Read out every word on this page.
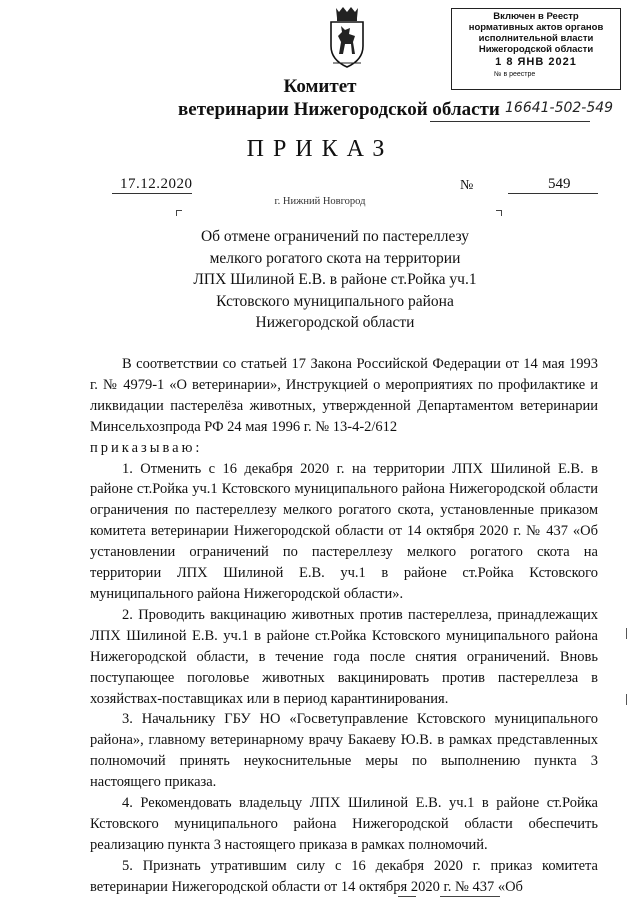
Включен в Реестр
нормативных актов органов
исполнительной власти
Нижегородской области
1 8 ЯНВ 2021
№ в реестре
16641-502-549
Комитет
ветеринарии Нижегородской области
ПРИКАЗ
17.12.2020	№	549
г. Нижний Новгород
Об отмене ограничений по пастереллезу
мелкого рогатого скота на территории
ЛПХ Шилиной Е.В. в районе ст.Ройка уч.1
Кстовского муниципального района
Нижегородской области

В соответствии со статьей 17 Закона Российской Федерации от 14 мая 1993 г. № 4979-1 «О ветеринарии», Инструкцией о мероприятиях по профилактике и ликвидации пастерелёза животных, утвержденной Департаментом ветеринарии Минсельхозпрода РФ 24 мая 1996 г. № 13-4-2/612

приказываю:

1. Отменить с 16 декабря 2020 г. на территории ЛПХ Шилиной Е.В. в районе ст.Ройка уч.1 Кстовского муниципального района Нижегородской области ограничения по пастереллезу мелкого рогатого скота, установленные приказом комитета ветеринарии Нижегородской области от 14 октября 2020 г. № 437 «Об установлении ограничений по пастереллезу мелкого рогатого скота на территории ЛПХ Шилиной Е.В. уч.1 в районе ст.Ройка Кстовского муниципального района Нижегородской области».

2. Проводить вакцинацию животных против пастереллеза, принадлежащих ЛПХ Шилиной Е.В. уч.1 в районе ст.Ройка Кстовского муниципального района Нижегородской области, в течение года после снятия ограничений. Вновь поступающее поголовье животных вакцинировать против пастереллеза в хозяйствах-поставщиках или в период карантинирования.

3. Начальнику ГБУ НО «Госветуправление Кстовского муниципального района», главному ветеринарному врачу Бакаеву Ю.В. в рамках представленных полномочий принять неукоснительные меры по выполнению пункта 3 настоящего приказа.

4. Рекомендовать владельцу ЛПХ Шилиной Е.В. уч.1 в районе ст.Ройка Кстовского муниципального района Нижегородской области обеспечить реализацию пункта 3 настоящего приказа в рамках полномочий.

5. Признать утратившим силу с 16 декабря 2020 г. приказ комитета ветеринарии Нижегородской области от 14 октября 2020 г. № 437 «Об
